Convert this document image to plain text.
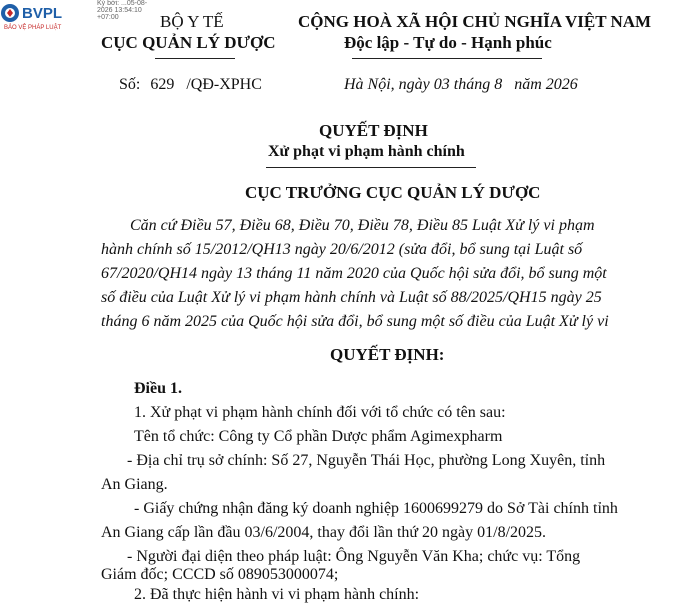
BVPL
BẢO VỆ PHÁP LUẬT
Ký bởi: ...05-08-
2026 13:54:10
+07:00	BỘ Y TẾ
CỤC QUẢN LÝ DƯỢC
CỘNG HOÀ XÃ HỘI CHỦ NGHĨA VIỆT NAM
Độc lập - Tự do - Hạnh phúc
Số: 629 /QĐ-XPHC	Hà Nội, ngày 03 tháng 8   năm 2026
QUYẾT ĐỊNH
Xử phạt vi phạm hành chính
CỤC TRƯỞNG CỤC QUẢN LÝ DƯỢC
Căn cứ Điều 57, Điều 68, Điều 70, Điều 78, Điều 85 Luật Xử lý vi phạm
hành chính số 15/2012/QH13 ngày 20/6/2012 (sửa đổi, bổ sung tại Luật số
67/2020/QH14 ngày 13 tháng 11 năm 2020 của Quốc hội sửa đổi, bổ sung một
số điều của Luật Xử lý vi phạm hành chính và Luật số 88/2025/QH15 ngày 25
tháng 6 năm 2025 của Quốc hội sửa đổi, bổ sung một số điều của Luật Xử lý vi
QUYẾT ĐỊNH:
Điều 1.
1. Xử phạt vi phạm hành chính đối với tổ chức có tên sau:
Tên tổ chức: Công ty Cổ phần Dược phẩm Agimexpharm
- Địa chỉ trụ sở chính: Số 27, Nguyễn Thái Học, phường Long Xuyên, tỉnh
An Giang.
- Giấy chứng nhận đăng ký doanh nghiệp 1600699279 do Sở Tài chính tỉnh
An Giang cấp lần đầu 03/6/2004, thay đổi lần thứ 20 ngày 01/8/2025.
- Người đại diện theo pháp luật: Ông Nguyễn Văn Kha; chức vụ: Tổng
Giám đốc; CCCD số 089053000074;
2. Đã thực hiện hành vi vi phạm hành chính:
